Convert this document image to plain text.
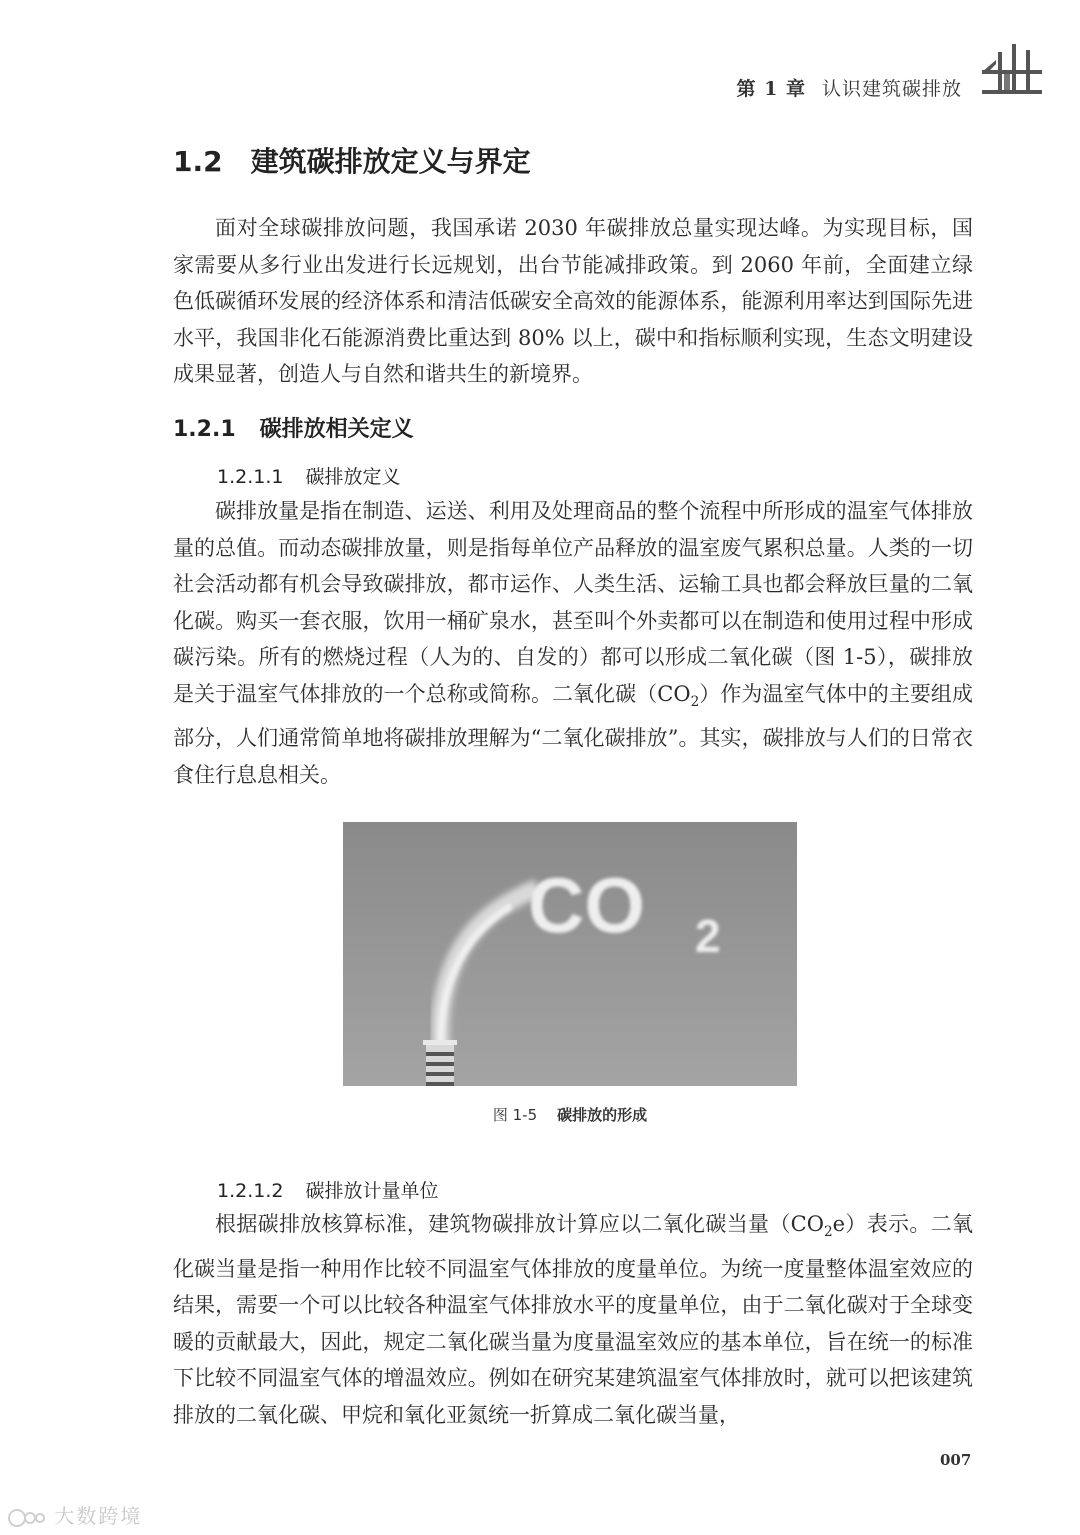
第 1 章 认识建筑碳排放
1.2 建筑碳排放定义与界定

面对全球碳排放问题，我国承诺 2030 年碳排放总量实现达峰。为实现目标，国家需要从多行业出发进行长远规划，出台节能减排政策。到 2060 年前，全面建立绿色低碳循环发展的经济体系和清洁低碳安全高效的能源体系，能源利用率达到国际先进水平，我国非化石能源消费比重达到 80% 以上，碳中和指标顺利实现，生态文明建设成果显著，创造人与自然和谐共生的新境界。

1.2.1 碳排放相关定义
1.2.1.1 碳排放定义

碳排放量是指在制造、运送、利用及处理商品的整个流程中所形成的温室气体排放量的总值。而动态碳排放量，则是指每单位产品释放的温室废气累积总量。人类的一切社会活动都有机会导致碳排放，都市运作、人类生活、运输工具也都会释放巨量的二氧化碳。购买一套衣服，饮用一桶矿泉水，甚至叫个外卖都可以在制造和使用过程中形成碳污染。所有的燃烧过程（人为的、自发的）都可以形成二氧化碳（图 1-5），碳排放是关于温室气体排放的一个总称或简称。二氧化碳$(CO_2)$作为温室气体中的主要组成部分，人们通常简单地将碳排放理解为“二氧化碳排放”。其实，碳排放与人们的日常衣食住行息息相关。

CO 2
图 1-5 碳排放的形成
1.2.1.2 碳排放计量单位

根据碳排放核算标准，建筑物碳排放计算应以二氧化碳当量$(CO_2e)$表示。二氧化碳当量是指一种用作比较不同温室气体排放的度量单位。为统一度量整体温室效应的结果，需要一个可以比较各种温室气体排放水平的度量单位，由于二氧化碳对于全球变暖的贡献最大，因此，规定二氧化碳当量为度量温室效应的基本单位，旨在统一的标准下比较不同温室气体的增温效应。例如在研究某建筑温室气体排放时，就可以把该建筑排放的二氧化碳、甲烷和氧化亚氮统一折算成二氧化碳当量，

007
大数跨境
